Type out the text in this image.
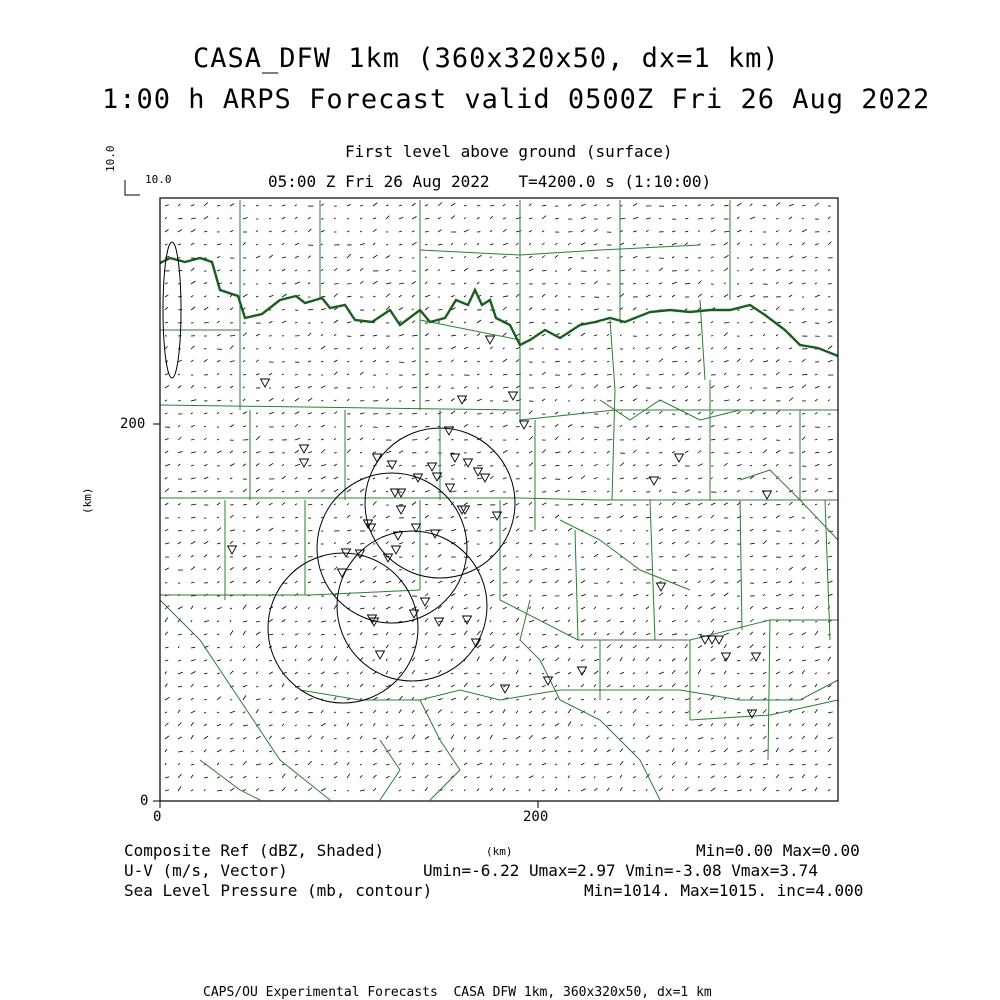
CASA_DFW 1km (360x320x50, dx=1 km)
1:00 h ARPS Forecast valid 0500Z Fri 26 Aug 2022
First level above ground (surface)
05:00 Z Fri 26 Aug 2022   T=4200.0 s (1:10:00)
10.0
10.0
(km)
(km)
0	200
0
200
Composite Ref (dBZ, Shaded)	Min=0.00 Max=0.00
U-V (m/s, Vector)	Umin=-6.22 Umax=2.97 Vmin=-3.08 Vmax=3.74
Sea Level Pressure (mb, contour)	Min=1014. Max=1015. inc=4.000
CAPS/OU Experimental Forecasts  CASA DFW 1km, 360x320x50, dx=1 km
